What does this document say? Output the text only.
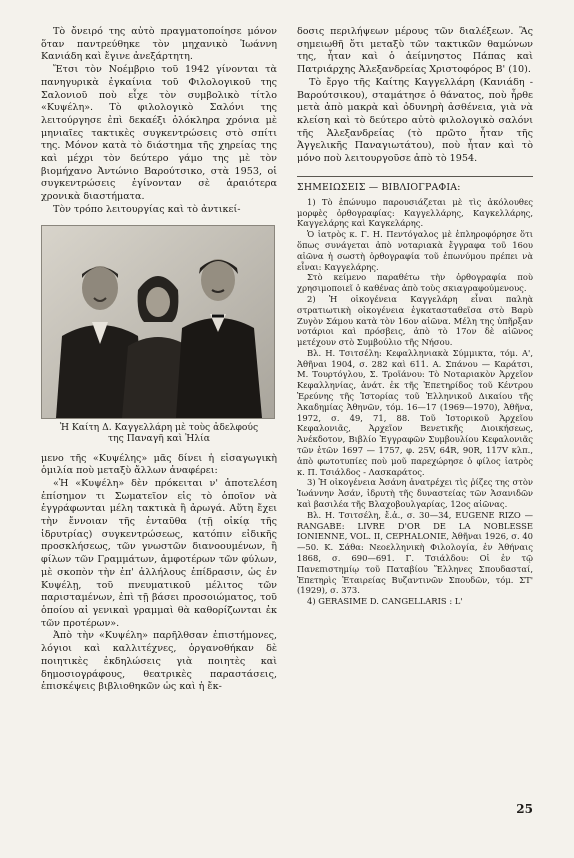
Τὸ ὄνειρό της αὐτὸ πραγματοποίησε μόνον ὅταν παντρεύθηκε τὸν μηχανικὸ Ἰωάννη Κανιάδη καὶ ἔγινε ἀνεξάρτητη.

Ἔτσι τὸν Νοέμβριο τοῦ 1942 γίνονται τὰ πανηγυρικὰ ἐγκαίνια τοῦ Φιλολογικοῦ της Σαλονιοῦ ποὺ εἶχε τὸν συμβολικὸ τίτλο «Κυψέλη». Τὸ φιλολογικὸ Σαλόνι της λειτούργησε ἐπὶ δεκαέξι ὁλόκληρα χρόνια μὲ μηνιαῖες τακτικὲς συγκεντρώσεις στὸ σπίτι της. Μόνον κατὰ τὸ διάστημα τῆς χηρείας της καὶ μέχρι τὸν δεύτερο γάμο της μὲ τὸν βιομήχανο Ἀντώνιο Βαρούτσικο, στὰ 1953, οἱ συγκεντρώσεις ἐγίνονταν σὲ ἀραιότερα χρονικὰ διαστήματα.

Τὸν τρόπο λειτουργίας καὶ τὸ ἀντικεί-

Ἡ Καίτη Δ. Καγγελλάρη μὲ τοὺς ἀδελφούς
της Παναγῆ καὶ Ἠλία

μενο τῆς «Κυψέλης» μᾶς δίνει ἡ εἰσαγωγικὴ ὁμιλία ποὺ μεταξὺ ἄλλων ἀναφέρει:

«Ἡ «Κυψέλη» δὲν πρόκειται ν' ἀποτελέση ἐπίσημον τι Σωματεῖον εἰς τὸ ὁποῖον νὰ ἐγγράφωνται μέλη τακτικὰ ἢ ἀρωγά. Αὕτη ἔχει τὴν ἔννοιαν τῆς ἐνταῦθα (τῇ οἰκίᾳ τῆς ἱδρυτρίας) συγκεντρώσεως, κατόπιν εἰδικῆς προσκλήσεως, τῶν γνωστῶν διανοουμένων, ἢ φίλων τῶν Γραμμάτων, ἀμφοτέρων τῶν φύλων, μὲ σκοπὸν τὴν ἐπ' ἀλλήλους ἐπίδρασιν, ὡς ἐν Κυψέλῃ, τοῦ πνευματικοῦ μέλιτος τῶν παρισταμένων, ἐπὶ τῇ βάσει προσοιώματος, τοῦ ὁποίου αἱ γενικαὶ γραμμαὶ θὰ καθορίζωνται ἐκ τῶν προτέρων».

Ἀπὸ τὴν «Κυψέλη» παρῆλθσαν ἐπιστήμονες, λόγιοι καὶ καλλιτέχνες, ὀργανοθήκαν δὲ ποιητικὲς ἐκδηλώσεις γιὰ ποιητὲς καὶ δημοσιογράφους, θεατρικὲς παραστάσεις, ἐπισκέψεις βιβλιοθηκῶν ὡς καὶ ἡ ἔκ-

δοσις περιλήψεων μέρους τῶν διαλέξεων. Ἂς σημειωθῆ ὅτι μεταξὺ τῶν τακτικῶν θαμώνων της, ἦταν καὶ ὁ ἀείμνηστος Πάπας καὶ Πατριάρχης Ἀλεξανδρείας Χριστοφόρος Β' (10).

Τὸ ἔργο τῆς Καίτης Καγγελλάρη (Κανιάδη - Βαρούτσικου), σταμάτησε ὁ θάνατος, ποὺ ἦρθε μετὰ ἀπὸ μακρὰ καὶ ὀδυνηρὴ ἀσθένεια, γιὰ νὰ κλείση καὶ τὸ δεύτερο αὐτὸ φιλολογικὸ σαλόνι τῆς Ἀλεξανδρείας (τὸ πρῶτο ἦταν τῆς Ἀγγελικῆς Παναγιωτάτου), ποὺ ἦταν καὶ τὸ μόνο ποὺ λειτουργοῦσε ἀπὸ τὸ 1954.

ΣΗΜΕΙΩΣΕΙΣ — ΒΙΒΛΙΟΓΡΑΦΙΑ:

1) Τὸ ἐπώνυμο παρουσιάζεται μὲ τὶς ἀκόλουθες μορφὲς ὀρθογραφίας: Καγγελλάρης, Καγκελλάρης, Καγγελάρης καὶ Καγκελάρης.

Ὁ ἰατρὸς κ. Γ. Η. Πεντόγαλος μὲ ἐπληροφόρησε ὅτι ὅπως συνάγεται ἀπὸ νοταριακὰ ἔγγραφα τοῦ 16ου αἰῶνα ἡ σωστὴ ὀρθογραφία τοῦ ἐπωνύμου πρέπει νὰ εἶναι: Καγγελάρης.

Στὸ κείμενο παραθέτω τὴν ὀρθογραφία ποὺ χρησιμοποιεῖ ὁ καθένας ἀπὸ τοὺς σκιαγραφούμενους.

2) Ἡ οἰκογένεια Καγγελάρη εἶναι παληὰ στρατιωτικὴ οἰκογένεια ἐγκατασταθεῖσα στὸ Βαρὺ Ζυγὸν Σάμου κατὰ τὸν 16ον αἰῶνα. Μέλη της ὑπῆρξαν νοτάριοι καὶ πρόσβεις, ἀπὸ τὸ 17ον δὲ αἰῶνος μετέχουν στὸ Συμβούλιο τῆς Νήσου.

Βλ. Η. Τσιτσέλη: Κεφαλληνιακὰ Σύμμικτα, τόμ. Α', Ἀθῆναι 1904, σ. 282 καὶ 611. Α. Σπάνου — Καράτσι, Μ. Τουρτόγλου, Σ. Τροϊάνου: Τὸ Νοταριακὸν Ἀρχεῖον Κεφαλληνίας, ἀνάτ. ἐκ τῆς Ἐπετηρίδος τοῦ Κέντρου Ἐρεύνης τῆς Ἱστορίας τοῦ Ἑλληνικοῦ Δικαίου τῆς Ἀκαδημίας Ἀθηνῶν, τόμ. 16—17 (1969—1970), Ἀθῆνα, 1972, σ. 49, 71, 88. Τοῦ Ἱστορικοῦ Ἀρχεῖου Κεφαλονιᾶς, Ἀρχεῖον Βενετικῆς Διοικήσεως, Ἀνέκδοτον, Βιβλίο Ἐγγραφῶν Συμβουλίου Κεφαλονιᾶς τῶν ἐτῶν 1697 — 1757, φ. 25V, 64R, 90R, 117V κλπ., ἀπὸ φωτοτυπίες ποὺ μοῦ παρεχώρησε ὁ φίλος ἰατρὸς κ. Π. Τσιάλδος - Λασκαράτος.

3) Ἡ οἰκογένεια Ἀσάνη ἀνατρέχει τὶς ῥίζες της στὸν Ἰωάννην Ἀσάν, ἱδρυτὴ τῆς δυναστείας τῶν Ἀσανιδῶν καὶ βασιλέα τῆς Βλαχοβουλγαρίας, 12ος αἰῶνας.

Βλ. Η. Τσιτσέλη, ἔ.ἀ., σ. 30—34, EUGENE RIZO — RANGABE: LIVRE D'OR DE LA NOBLESSE IONIENNE, VOL. II, CEPHALONIE, Ἀθῆναι 1926, σ. 40—50. Κ. Σάθα: Νεοελληνικὴ Φιλολογία, ἐν Ἀθήναις 1868, σ. 690—691. Γ. Τσιάλδου: Οἱ ἐν τῷ Πανεπιστημίῳ τοῦ Παταβίου Ἕλληνες Σπουδασταί, Ἐπετηρὶς Ἑταιρείας Βυζαντινῶν Σπουδῶν, τόμ. ΣΤ' (1929), σ. 373.

4) GERASIME D. CANGELLARIS : L'

25
